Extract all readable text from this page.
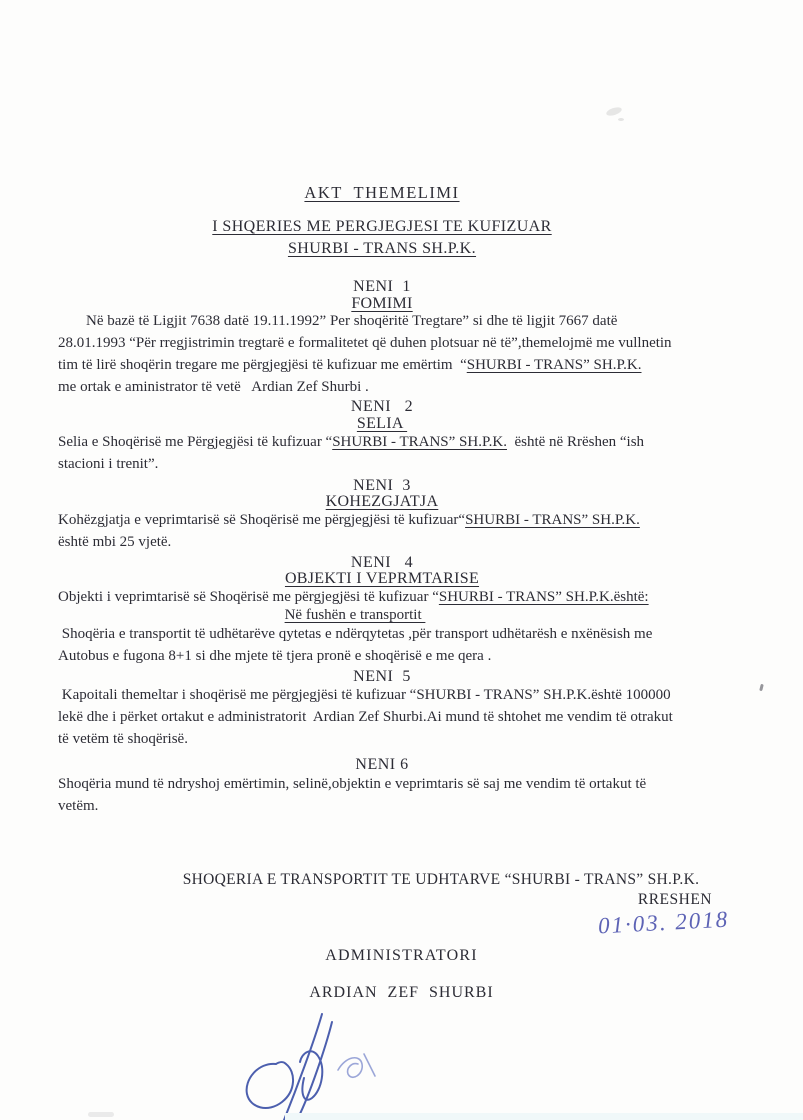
AKT  THEMELIMI
I SHQERIES ME PERGJEGJESI TE KUFIZUAR
SHURBI - TRANS SH.P.K.
NENI  1
FOMIMI
Në bazë të Ligjit 7638 datë 19.11.1992” Per shoqëritë Tregtare” si dhe të ligjit 7667 datë
28.01.1993 “Për rregjistrimin tregtarë e formalitetet që duhen plotsuar në të”,themelojmë me vullnetin
tim të lirë shoqërin tregare me përgjegjësi të kufizuar me emërtim  “SHURBI - TRANS” SH.P.K.
me ortak e aministrator të vetë   Ardian Zef Shurbi .
NENI   2
SELIA
Selia e Shoqërisë me Përgjegjësi të kufizuar “SHURBI - TRANS” SH.P.K.  është në Rrëshen “ish
stacioni i trenit”.
NENI  3
KOHEZGJATJA
Kohëzgjatja e veprimtarisë së Shoqërisë me përgjegjësi të kufizuar“SHURBI - TRANS” SH.P.K.
është mbi 25 vjetë.
NENI   4
OBJEKTI I VEPRMTARISE
Objekti i veprimtarisë së Shoqërisë me përgjegjësi të kufizuar “SHURBI - TRANS” SH.P.K.është:
Në fushën e transportit
Shoqëria e transportit të udhëtarëve qytetas e ndërqytetas ,për transport udhëtarësh e nxënësish me
Autobus e fugona 8+1 si dhe mjete të tjera pronë e shoqërisë e me qera .
NENI  5
Kapoitali themeltar i shoqërisë me përgjegjësi të kufizuar “SHURBI - TRANS” SH.P.K.është 100000
lekë dhe i përket ortakut e administratorit  Ardian Zef Shurbi.Ai mund të shtohet me vendim të otrakut
të vetëm të shoqërisë.
NENI 6
Shoqëria mund të ndryshoj emërtimin, selinë,objektin e veprimtaris së saj me vendim të ortakut të
vetëm.
SHOQERIA E TRANSPORTIT TE UDHTARVE “SHURBI - TRANS” SH.P.K.
RRESHEN
01·03. 2018
ADMINISTRATORI
ARDIAN  ZEF  SHURBI
